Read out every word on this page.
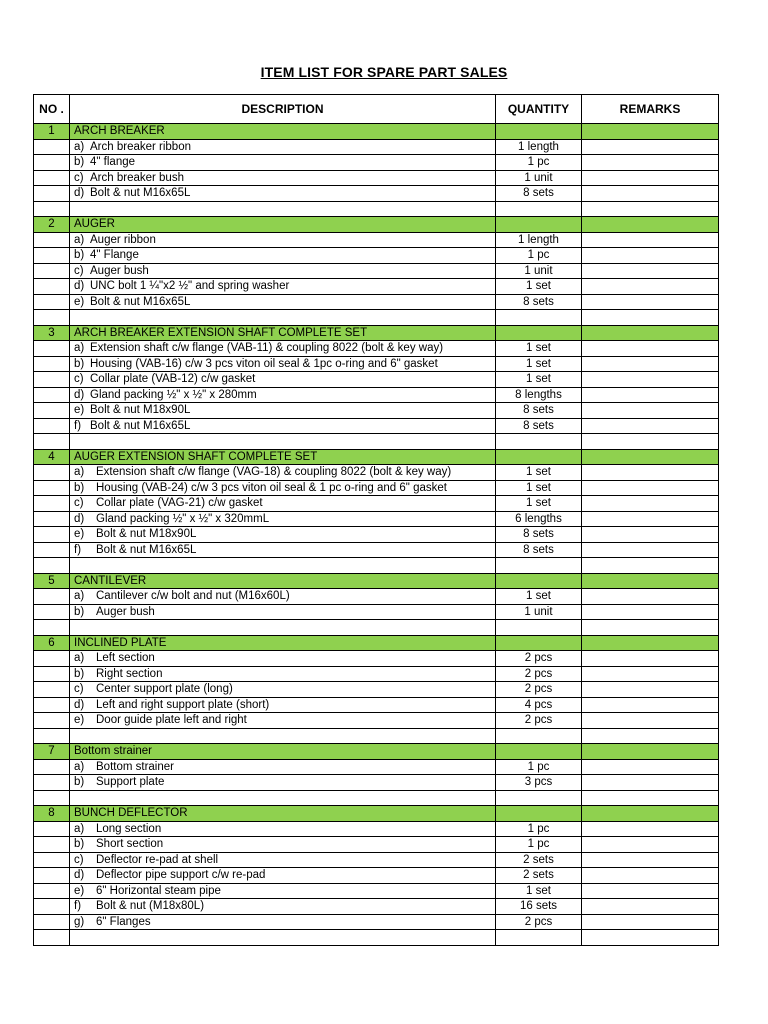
ITEM LIST FOR SPARE PART SALES
NO .	DESCRIPTION	QUANTITY	REMARKS
1	ARCH BREAKER		
	a) Arch breaker ribbon	1 length	
	b) 4" flange	1 pc	
	c) Arch breaker bush	1 unit	
	d) Bolt & nut M16x65L	8 sets	

2	AUGER		
	a) Auger ribbon	1 length	
	b) 4" Flange	1 pc	
	c) Auger bush	1 unit	
	d) UNC bolt 1 ¼"x2 ½" and spring washer	1 set	
	e) Bolt & nut M16x65L	8 sets	

3	ARCH BREAKER EXTENSION SHAFT COMPLETE SET		
	a) Extension shaft c/w flange (VAB-11) & coupling 8022 (bolt & key way)	1 set	
	b) Housing (VAB-16) c/w 3 pcs viton oil seal & 1pc o-ring and 6" gasket	1 set	
	c) Collar plate (VAB-12) c/w gasket	1 set	
	d) Gland packing ½" x ½" x 280mm	8 lengths	
	e) Bolt & nut M18x90L	8 sets	
	f) Bolt & nut M16x65L	8 sets	

4	AUGER EXTENSION SHAFT COMPLETE SET		
	a) Extension shaft c/w flange (VAG-18) & coupling 8022 (bolt & key way)	1 set	
	b) Housing (VAB-24) c/w 3 pcs viton oil seal & 1 pc o-ring and 6" gasket	1 set	
	c) Collar plate (VAG-21) c/w gasket	1 set	
	d) Gland packing ½" x ½" x 320mmL	6 lengths	
	e) Bolt & nut M18x90L	8 sets	
	f) Bolt & nut M16x65L	8 sets	

5	CANTILEVER		
	a) Cantilever c/w bolt and nut (M16x60L)	1 set	
	b) Auger bush	1 unit	

6	INCLINED PLATE		
	a) Left section	2 pcs	
	b) Right section	2 pcs	
	c) Center support plate (long)	2 pcs	
	d) Left and right support plate (short)	4 pcs	
	e) Door guide plate left and right	2 pcs	

7	Bottom strainer		
	a) Bottom strainer	1 pc	
	b) Support plate	3 pcs	

8	BUNCH DEFLECTOR		
	a) Long section	1 pc	
	b) Short section	1 pc	
	c) Deflector re-pad at shell	2 sets	
	d) Deflector pipe support c/w re-pad	2 sets	
	e) 6" Horizontal steam pipe	1 set	
	f) Bolt & nut (M18x80L)	16 sets	
	g) 6" Flanges	2 pcs	
